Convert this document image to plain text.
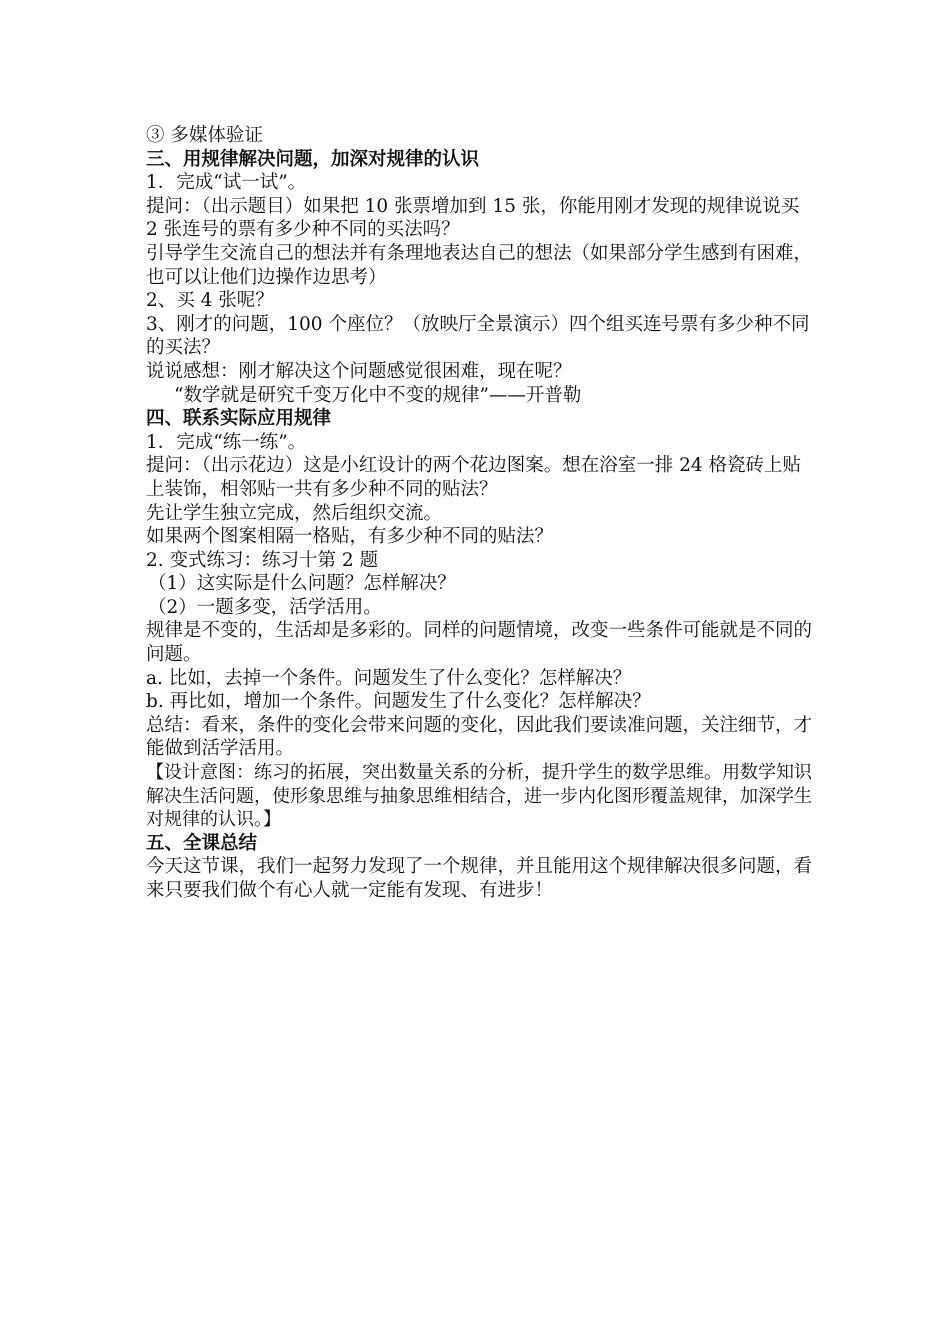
③ 多媒体验证
三、用规律解决问题，加深对规律的认识
1．完成“试一试”。
提问：（出示题目）如果把 10 张票增加到 15 张，你能用刚才发现的规律说说买 2 张连号的票有多少种不同的买法吗？
引导学生交流自己的想法并有条理地表达自己的想法（如果部分学生感到有困难，也可以让他们边操作边思考）
2、买 4 张呢？
3、刚才的问题，100 个座位？（放映厅全景演示）四个组买连号票有多少种不同的买法？
说说感想：刚才解决这个问题感觉很困难，现在呢？
“数学就是研究千变万化中不变的规律”——开普勒
四、联系实际应用规律
1．完成“练一练”。
提问：（出示花边）这是小红设计的两个花边图案。想在浴室一排 24 格瓷砖上贴上装饰，相邻贴一共有多少种不同的贴法？
先让学生独立完成，然后组织交流。
如果两个图案相隔一格贴，有多少种不同的贴法？
2. 变式练习：练习十第 2 题
（1）这实际是什么问题？怎样解决？
（2）一题多变，活学活用。
规律是不变的，生活却是多彩的。同样的问题情境，改变一些条件可能就是不同的问题。
a. 比如，去掉一个条件。问题发生了什么变化？怎样解决？
b. 再比如，增加一个条件。问题发生了什么变化？怎样解决？
总结：看来，条件的变化会带来问题的变化，因此我们要读准问题，关注细节，才能做到活学活用。
【设计意图：练习的拓展，突出数量关系的分析，提升学生的数学思维。用数学知识解决生活问题，使形象思维与抽象思维相结合，进一步内化图形覆盖规律，加深学生对规律的认识。】
五、全课总结
今天这节课，我们一起努力发现了一个规律，并且能用这个规律解决很多问题，看来只要我们做个有心人就一定能有发现、有进步！
